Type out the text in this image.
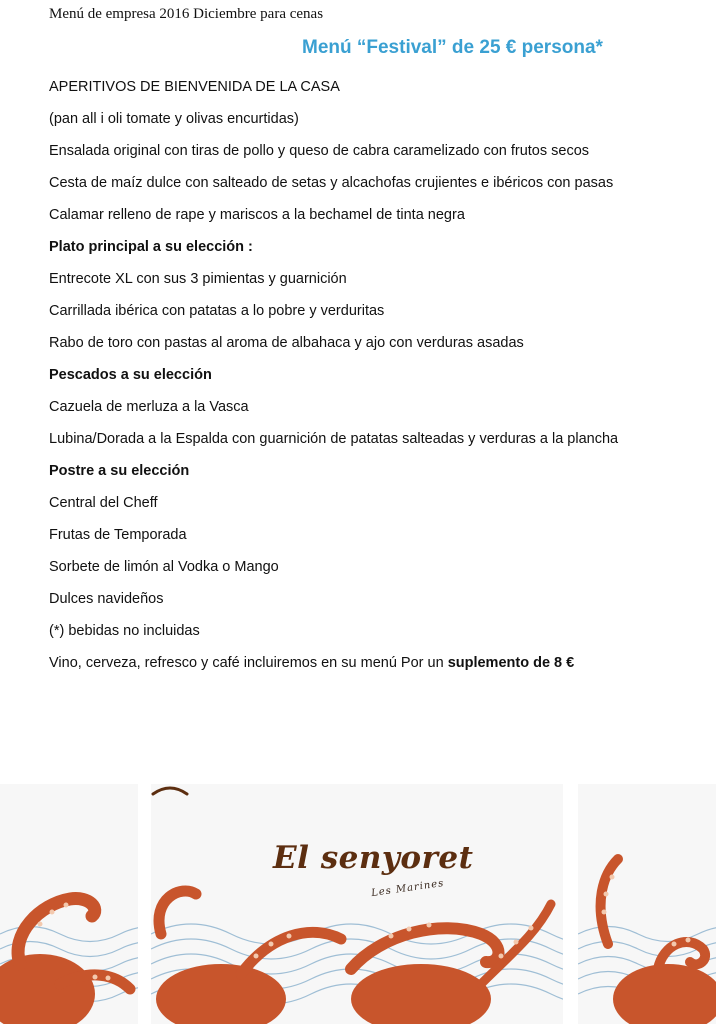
Menú de empresa 2016 Diciembre para cenas
Menú “Festival” de 25 € persona*
APERITIVOS DE BIENVENIDA DE LA CASA
(pan all i oli tomate y olivas encurtidas)
Ensalada original con tiras de pollo y queso de cabra caramelizado con frutos secos
Cesta de maíz dulce con salteado de setas y alcachofas crujientes e ibéricos con pasas
Calamar relleno de rape y mariscos a la bechamel de tinta negra
Plato principal a su elección :
Entrecote XL con sus 3 pimientas y guarnición
Carrillada ibérica con patatas a lo pobre y verduritas
Rabo de toro con pastas al aroma de albahaca y ajo con verduras asadas
Pescados a su elección
Cazuela de merluza a la Vasca
Lubina/Dorada a la Espalda con guarnición de patatas salteadas y verduras a la plancha
Postre a su elección
Central del Cheff
Frutas de Temporada
Sorbete de limón al Vodka o Mango
Dulces navideños
(*) bebidas no incluidas
Vino, cerveza, refresco y café incluiremos en su menú Por un suplemento de 8 €
El senyoret
Les Marines
